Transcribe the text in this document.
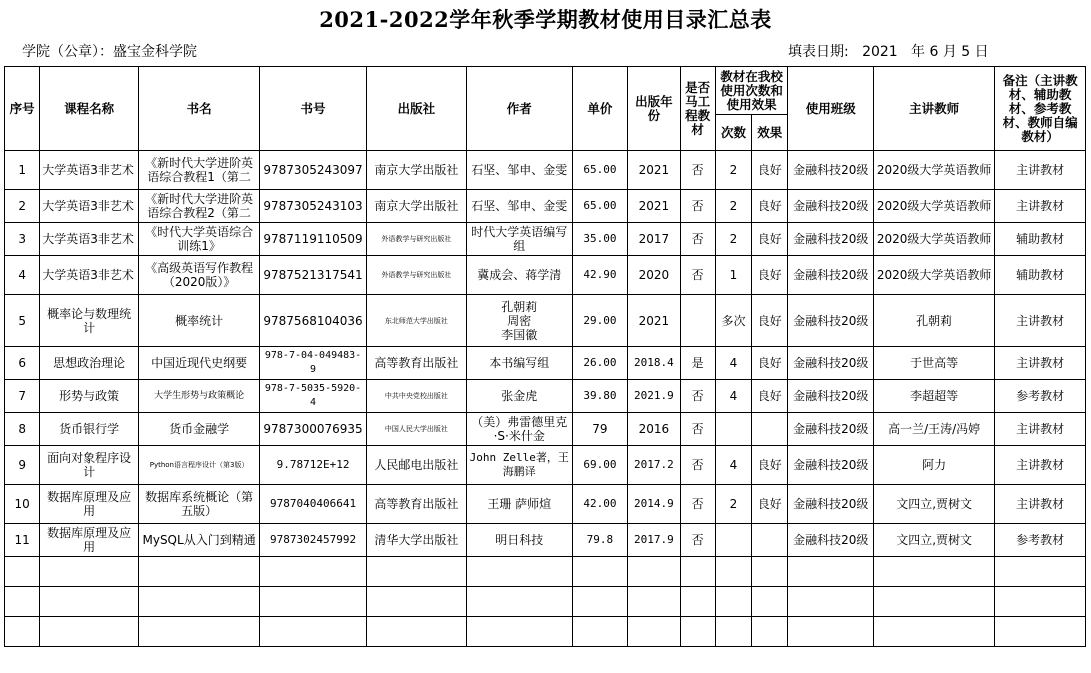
2021-2022学年秋季学期教材使用目录汇总表
学院（公章）：盛宝金科学院	填表日期:   2021   年 6 月 5 日
序号	课程名称	书名	书号	出版社	作者	单价	出版年份	是否马工程教材	教材在我校使用次数和使用效果		使用班级	主讲教师	备注（主讲教材、辅助教材、参考教材、教师自编教材）
									次数	效果			
1	大学英语3非艺术	《新时代大学进阶英语综合教程1（第二	9787305243097	南京大学出版社	石坚、邹申、金雯	65.00	2021	否	2	良好	金融科技20级	2020级大学英语教师	主讲教材
2	大学英语3非艺术	《新时代大学进阶英语综合教程2（第二	9787305243103	南京大学出版社	石坚、邹申、金雯	65.00	2021	否	2	良好	金融科技20级	2020级大学英语教师	主讲教材
3	大学英语3非艺术	《时代大学英语综合训练1》	9787119110509	外语教学与研究出版社	时代大学英语编写组	35.00	2017	否	2	良好	金融科技20级	2020级大学英语教师	辅助教材
4	大学英语3非艺术	《高级英语写作教程（2020版）》	9787521317541	外语教学与研究出版社	冀成会、蒋学清	42.90	2020	否	1	良好	金融科技20级	2020级大学英语教师	辅助教材
5	概率论与数理统计	概率统计	9787568104036	东北师范大学出版社	孔朝莉
周密
李国徽	29.00	2021		多次	良好	金融科技20级	孔朝莉	主讲教材
6	思想政治理论	中国近现代史纲要	978-7-04-049483-9	高等教育出版社	本书编写组	26.00	2018.4	是	4	良好	金融科技20级	于世高等	主讲教材
7	形势与政策	大学生形势与政策概论	978-7-5035-5920-4	中共中央党校出版社	张金虎	39.80	2021.9	否	4	良好	金融科技20级	李超超等	参考教材
8	货币银行学	货币金融学	9787300076935	中国人民大学出版社	（美）弗雷德里克·S·米什金	79	2016	否			金融科技20级	高一兰/王涛/冯婷	主讲教材
9	面向对象程序设计	Python语言程序设计（第3版）	9.78712E+12	人民邮电出版社	John Zelle著，王海鹏译	69.00	2017.2	否	4	良好	金融科技20级	阿力	主讲教材
10	数据库原理及应用	数据库系统概论（第五版）	9787040406641	高等教育出版社	王珊 萨师煊	42.00	2014.9	否	2	良好	金融科技20级	文四立,贾树文	主讲教材
11	数据库原理及应用	MySQL从入门到精通	9787302457992	清华大学出版社	明日科技	79.8	2017.9	否			金融科技20级	文四立,贾树文	参考教材
